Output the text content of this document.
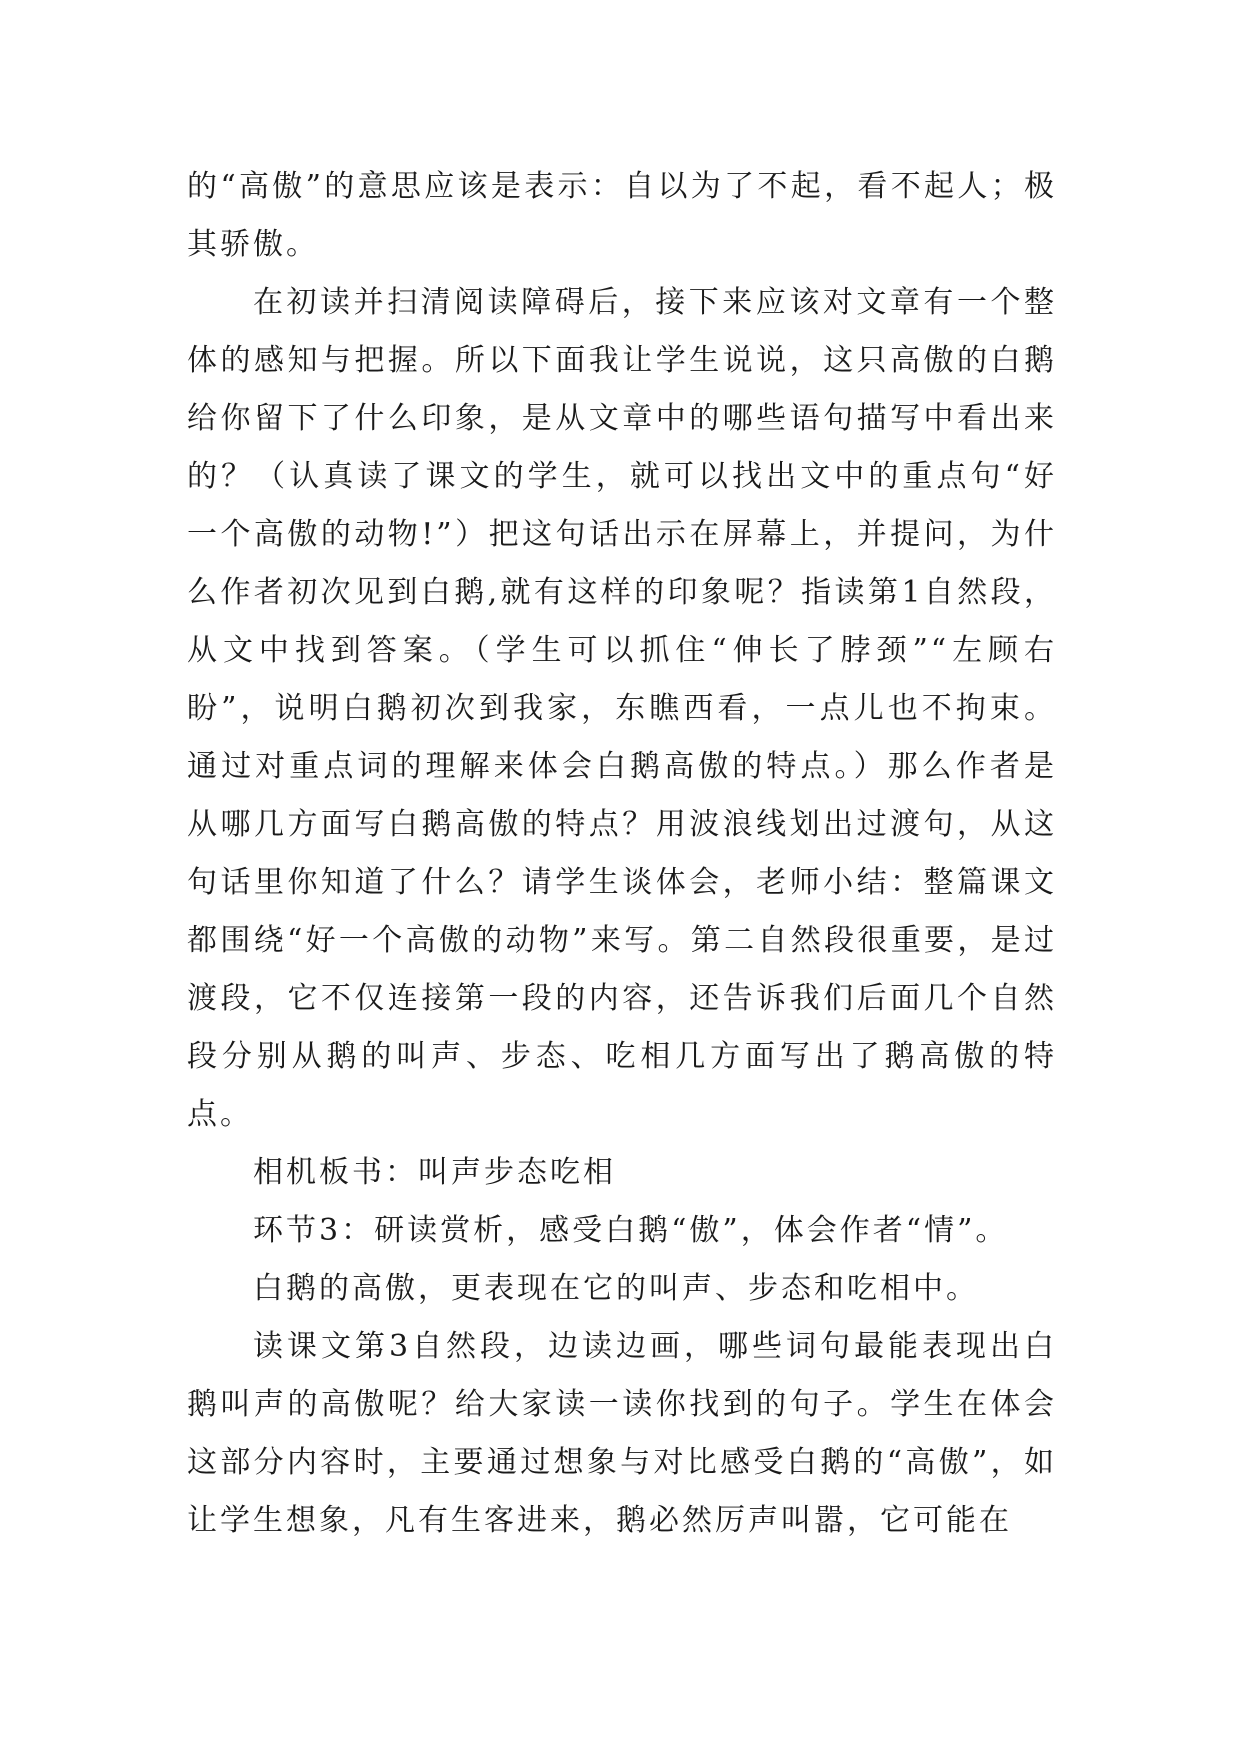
的“高傲”的意思应该是表示：自以为了不起，看不起人；极其骄傲。

在初读并扫清阅读障碍后，接下来应该对文章有一个整体的感知与把握。所以下面我让学生说说，这只高傲的白鹅给你留下了什么印象，是从文章中的哪些语句描写中看出来的？（认真读了课文的学生，就可以找出文中的重点句“好一个高傲的动物!”）把这句话出示在屏幕上，并提问，为什么作者初次见到白鹅,就有这样的印象呢？指读第1自然段，从文中找到答案。（学生可以抓住“伸长了脖颈”“左顾右盼”，说明白鹅初次到我家，东瞧西看，一点儿也不拘束。通过对重点词的理解来体会白鹅高傲的特点。）那么作者是从哪几方面写白鹅高傲的特点？用波浪线划出过渡句，从这句话里你知道了什么？请学生谈体会，老师小结：整篇课文都围绕“好一个高傲的动物”来写。第二自然段很重要，是过渡段，它不仅连接第一段的内容，还告诉我们后面几个自然段分别从鹅的叫声、步态、吃相几方面写出了鹅高傲的特点。

相机板书：叫声步态吃相

环节3：研读赏析，感受白鹅“傲”，体会作者“情”。

白鹅的高傲，更表现在它的叫声、步态和吃相中。

读课文第3自然段，边读边画，哪些词句最能表现出白鹅叫声的高傲呢？给大家读一读你找到的句子。学生在体会这部分内容时，主要通过想象与对比感受白鹅的“高傲”，如让学生想象，凡有生客进来，鹅必然厉声叫嚣，它可能在
